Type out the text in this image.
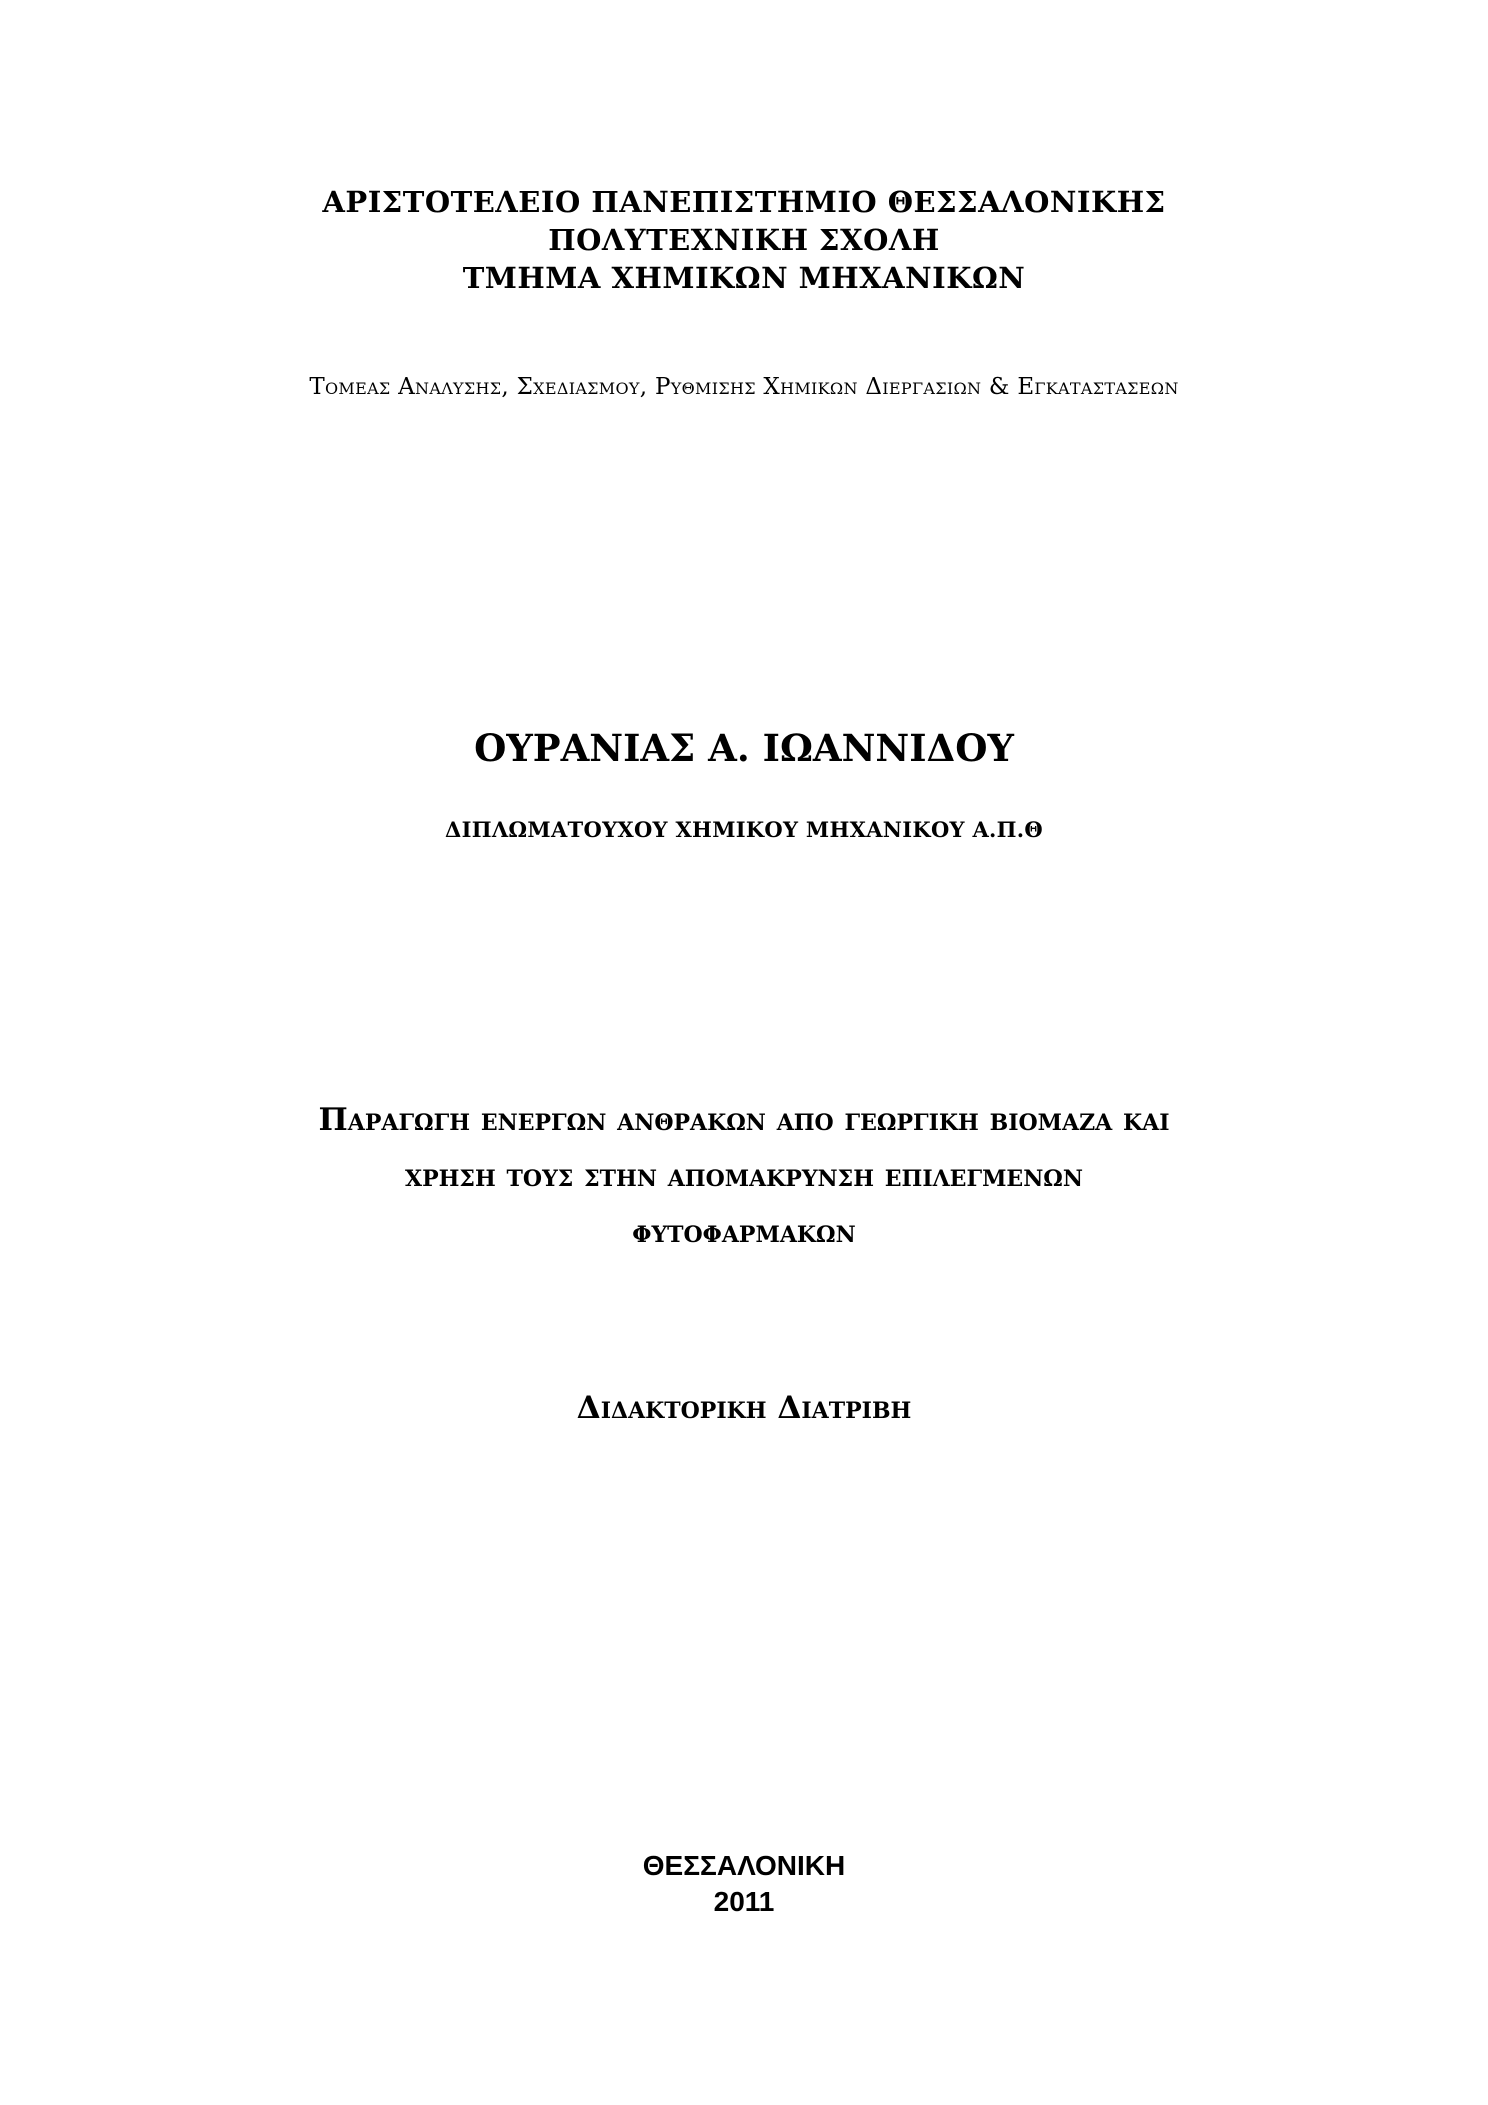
ΑΡΙΣΤΟΤΕΛΕΙΟ ΠΑΝΕΠΙΣΤΗΜΙΟ ΘΕΣΣΑΛΟΝΙΚΗΣ
ΠΟΛΥΤΕΧΝΙΚΗ ΣΧΟΛΗ
ΤΜΗΜΑ ΧΗΜΙΚΩΝ ΜΗΧΑΝΙΚΩΝ
Τομεας Αναλυσης, Σχεδιασμου, Ρυθμισης Χημικων Διεργασιων & Εγκαταστασεων
ΟΥΡΑΝΙΑΣ Α. ΙΩΑΝΝΙΔΟΥ
ΔΙΠΛΩΜΑΤΟΥΧΟΥ ΧΗΜΙΚΟΥ ΜΗΧΑΝΙΚΟΥ Α.Π.Θ
Παραγωγη ενεργων ανθρακων απο γεωργικη βιομαζα και
χρηση τους στην απομακρυνση επιλεγμενων
φυτοφαρμακων
Διδακτορικη Διατριβη
ΘΕΣΣΑΛΟΝΙΚΗ
2011
